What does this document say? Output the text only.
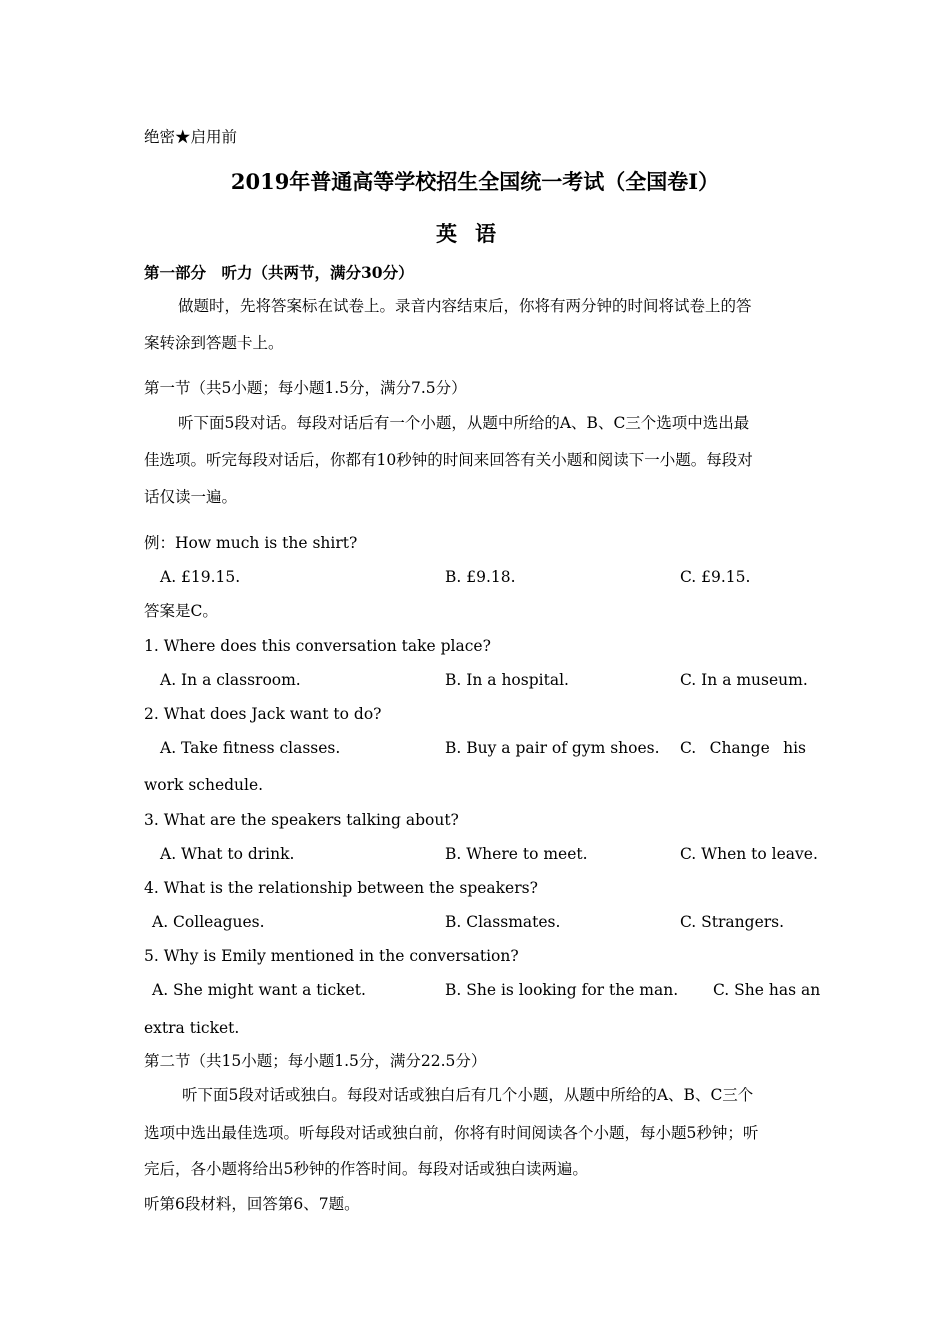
绝密★启用前
2019年普通高等学校招生全国统一考试（全国卷I）
英语
第一部分　听力（共两节，满分30分）
做题时，先将答案标在试卷上。录音内容结束后，你将有两分钟的时间将试卷上的答
案转涂到答题卡上。
第一节（共5小题；每小题1.5分，满分7.5分）
听下面5段对话。每段对话后有一个小题，从题中所给的A、B、C三个选项中选出最
佳选项。听完每段对话后，你都有10秒钟的时间来回答有关小题和阅读下一小题。每段对
话仅读一遍。
例：How much is the shirt?
A. £19.15.	B. £9.18.	C. £9.15.
答案是C。
1. Where does this conversation take place?
A. In a classroom.	B. In a hospital.	C. In a museum.
2. What does Jack want to do?
A. Take fitness classes.	B. Buy a pair of gym shoes. C.  Change  his
work schedule.
3. What are the speakers talking about?
A. What to drink.	B. Where to meet.	C. When to leave.
4. What is the relationship between the speakers?
A. Colleagues.	B. Classmates.	C. Strangers.
5. Why is Emily mentioned in the conversation?
A. She might want a ticket.	B. She is looking for the man. C. She has an
extra ticket.
第二节（共15小题；每小题1.5分，满分22.5分）
听下面5段对话或独白。每段对话或独白后有几个小题，从题中所给的A、B、C三个
选项中选出最佳选项。听每段对话或独白前，你将有时间阅读各个小题，每小题5秒钟；听
完后，各小题将给出5秒钟的作答时间。每段对话或独白读两遍。
听第6段材料，回答第6、7题。
